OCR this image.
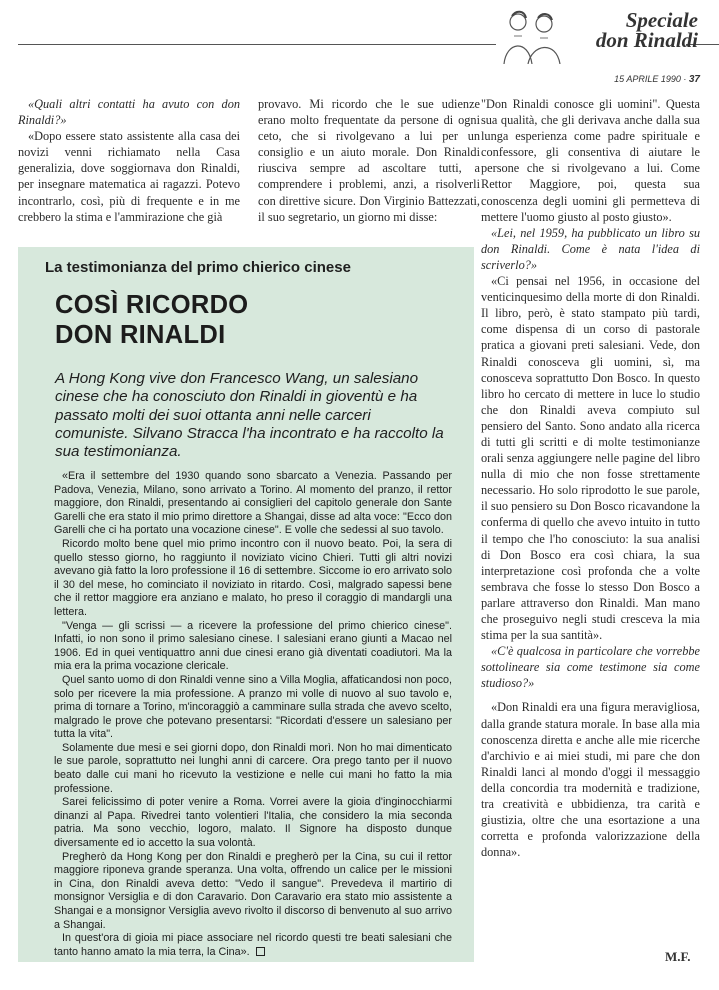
Speciale
don Rinaldi
15 APRILE 1990 · 37

«Quali altri contatti ha avuto con don Rinaldi?»

«Dopo essere stato assistente alla casa dei novizi venni richiamato nella Casa generalizia, dove soggiornava don Rinaldi, per insegnare matematica ai ragazzi. Potevo incontrarlo, così, più di frequente e in me crebbero la stima e l'ammirazione che già

provavo. Mi ricordo che le sue udienze erano molto frequentate da persone di ogni ceto, che si rivolgevano a lui per un consiglio e un aiuto morale. Don Rinaldi riusciva sempre ad ascoltare tutti, a comprendere i problemi, anzi, a risolverli con direttive sicure. Don Virginio Battezzati, il suo segretario, un giorno mi disse:

"Don Rinaldi conosce gli uomini". Questa sua qualità, che gli derivava anche dalla sua lunga esperienza come padre spirituale e confessore, gli consentiva di aiutare le persone che si rivolgevano a lui. Come Rettor Maggiore, poi, questa sua conoscenza degli uomini gli permetteva di mettere l'uomo giusto al posto giusto».

«Lei, nel 1959, ha pubblicato un libro su don Rinaldi. Come è nata l'idea di scriverlo?»

«Ci pensai nel 1956, in occasione del venticinquesimo della morte di don Rinaldi. Il libro, però, è stato stampato più tardi, come dispensa di un corso di pastorale pratica a giovani preti salesiani. Vede, don Rinaldi conosceva gli uomini, sì, ma conosceva soprattutto Don Bosco. In questo libro ho cercato di mettere in luce lo studio che don Rinaldi aveva compiuto sul pensiero del Santo. Sono andato alla ricerca di tutti gli scritti e di molte testimonianze orali senza aggiungere nelle pagine del libro nulla di mio che non fosse strettamente necessario. Ho solo riprodotto le sue parole, il suo pensiero su Don Bosco ricavandone la conferma di quello che avevo intuito in tutto il tempo che l'ho conosciuto: la sua analisi di Don Bosco era così chiara, la sua interpretazione così profonda che a volte sembrava che fosse lo stesso Don Bosco a parlare attraverso don Rinaldi. Man mano che proseguivo negli studi cresceva la mia stima per la sua santità».

«C'è qualcosa in particolare che vorrebbe sottolineare sia come testimone sia come studioso?»

«Don Rinaldi era una figura meravigliosa, dalla grande statura morale. In base alla mia conoscenza diretta e anche alle mie ricerche d'archivio e ai miei studi, mi pare che don Rinaldi lanci al mondo d'oggi il messaggio della concordia tra modernità e tradizione, tra creatività e ubbidienza, tra carità e giustizia, oltre che una esortazione a una corretta e profonda valorizzazione della donna».

La testimonianza del primo chierico cinese
COSÌ RICORDO
DON RINALDI
A Hong Kong vive don Francesco Wang, un salesiano cinese che ha conosciuto don Rinaldi in gioventù e ha passato molti dei suoi ottanta anni nelle carceri comuniste. Silvano Stracca l'ha incontrato e ha raccolto la sua testimonianza.

«Era il settembre del 1930 quando sono sbarcato a Venezia. Passando per Padova, Venezia, Milano, sono arrivato a Torino. Al momento del pranzo, il rettor maggiore, don Rinaldi, presentando ai consiglieri del capitolo generale don Sante Garelli che era stato il mio primo direttore a Shangai, disse ad alta voce: "Ecco don Garelli che ci ha portato una vocazione cinese". E volle che sedessi al suo tavolo.

Ricordo molto bene quel mio primo incontro con il nuovo beato. Poi, la sera di quello stesso giorno, ho raggiunto il noviziato vicino Chieri. Tutti gli altri novizi avevano già fatto la loro professione il 16 di settembre. Siccome io ero arrivato solo il 30 del mese, ho cominciato il noviziato in ritardo. Così, malgrado sapessi bene che il rettor maggiore era anziano e malato, ho preso il coraggio di mandargli una lettera.

"Venga — gli scrissi — a ricevere la professione del primo chierico cinese". Infatti, io non sono il primo salesiano cinese. I salesiani erano giunti a Macao nel 1906. Ed in quei ventiquattro anni due cinesi erano già diventati coadiutori. Ma la mia era la prima vocazione clericale.

Quel santo uomo di don Rinaldi venne sino a Villa Moglia, affaticandosi non poco, solo per ricevere la mia professione. A pranzo mi volle di nuovo al suo tavolo e, prima di tornare a Torino, m'incoraggiò a camminare sulla strada che avevo scelto, malgrado le prove che potevano presentarsi: "Ricordati d'essere un salesiano per tutta la vita".

Solamente due mesi e sei giorni dopo, don Rinaldi morì. Non ho mai dimenticato le sue parole, soprattutto nei lunghi anni di carcere. Ora prego tanto per il nuovo beato dalle cui mani ho ricevuto la vestizione e nelle cui mani ho fatto la mia professione.

Sarei felicissimo di poter venire a Roma. Vorrei avere la gioia d'inginocchiarmi dinanzi al Papa. Rivedrei tanto volentieri l'Italia, che considero la mia seconda patria. Ma sono vecchio, logoro, malato. Il Signore ha disposto dunque diversamente ed io accetto la sua volontà.

Pregherò da Hong Kong per don Rinaldi e pregherò per la Cina, su cui il rettor maggiore riponeva grande speranza. Una volta, offrendo un calice per le missioni in Cina, don Rinaldi aveva detto: "Vedo il sangue". Prevedeva il martirio di monsignor Versiglia e di don Caravario. Don Caravario era stato mio assistente a Shangai e a monsignor Versiglia avevo rivolto il discorso di benvenuto al suo arrivo a Shangai.

In quest'ora di gioia mi piace associare nel ricordo questi tre beati salesiani che tanto hanno amato la mia terra, la Cina».	M.F.
